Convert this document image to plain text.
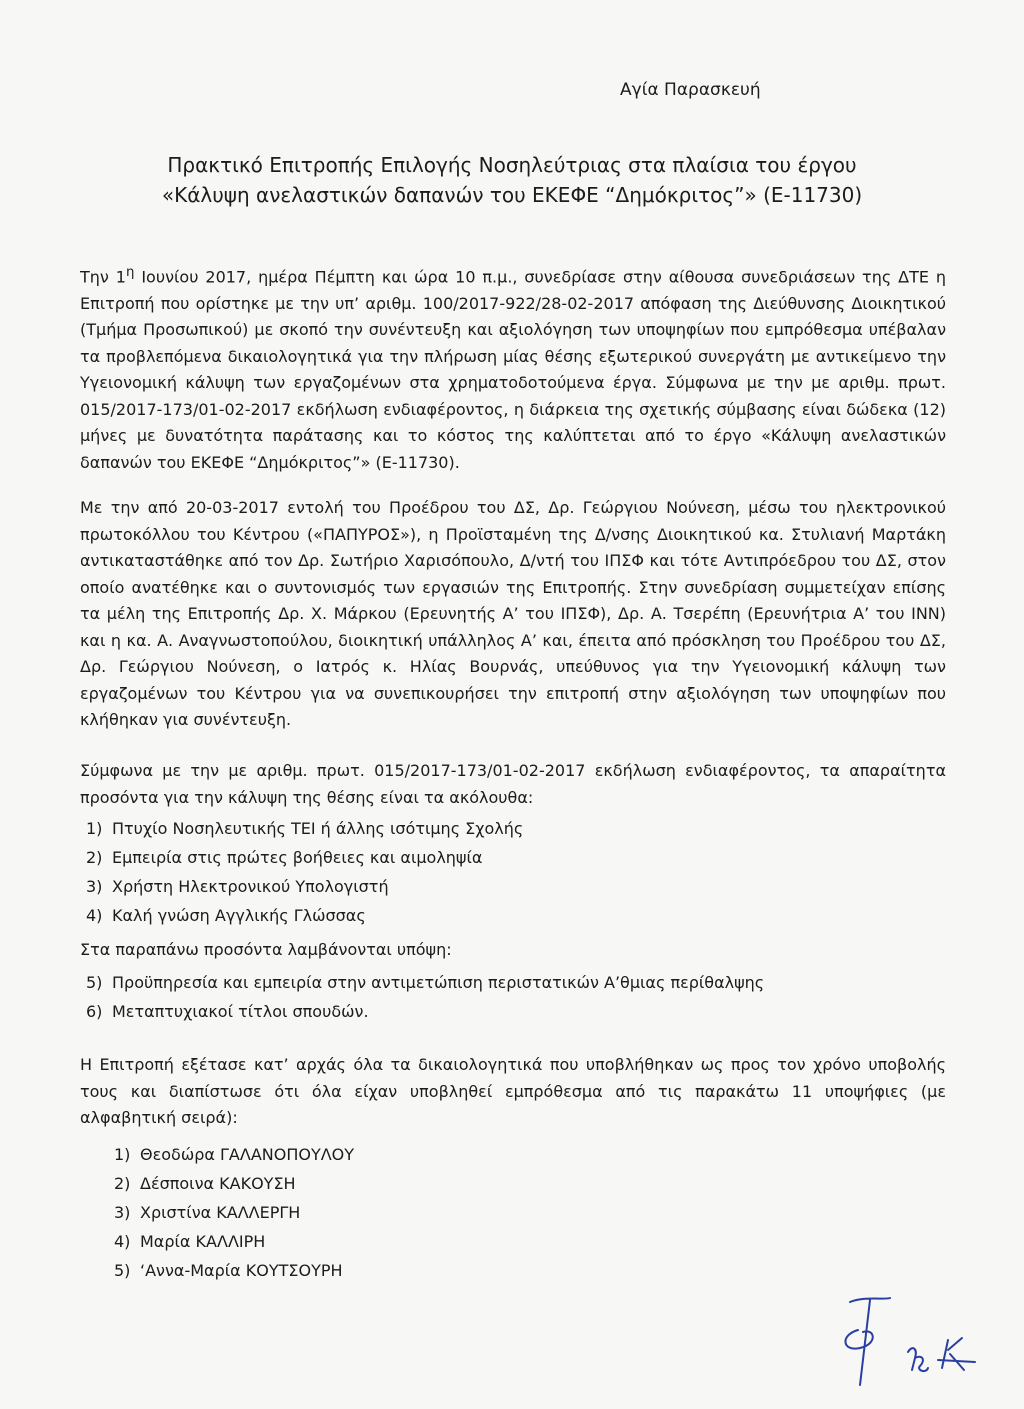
Αγία Παρασκευή
Πρακτικό Επιτροπής Επιλογής Νοσηλεύτριας στα πλαίσια του έργου
«Κάλυψη ανελαστικών δαπανών του ΕΚΕΦΕ “Δημόκριτος”» (Ε-11730)

Την $1^\eta$ Ιουνίου 2017, ημέρα Πέμπτη και ώρα 10 π.μ., συνεδρίασε στην αίθουσα συνεδριάσεων της ΔΤΕ η Επιτροπή που ορίστηκε με την υπ’ αριθμ. 100/2017-922/28-02-2017 απόφαση της Διεύθυνσης Διοικητικού (Τμήμα Προσωπικού) με σκοπό την συνέντευξη και αξιολόγηση των υποψηφίων που εμπρόθεσμα υπέβαλαν τα προβλεπόμενα δικαιολογητικά για την πλήρωση μίας θέσης εξωτερικού συνεργάτη με αντικείμενο την Υγειονομική κάλυψη των εργαζομένων στα χρηματοδοτούμενα έργα. Σύμφωνα με την με αριθμ. πρωτ. 015/2017-173/01-02-2017 εκδήλωση ενδιαφέροντος, η διάρκεια της σχετικής σύμβασης είναι δώδεκα (12) μήνες με δυνατότητα παράτασης και το κόστος της καλύπτεται από το έργο «Κάλυψη ανελαστικών δαπανών του ΕΚΕΦΕ “Δημόκριτος”» (Ε-11730).

Με την από 20-03-2017 εντολή του Προέδρου του ΔΣ, Δρ. Γεώργιου Νούνεση, μέσω του ηλεκτρονικού πρωτοκόλλου του Κέντρου («ΠΑΠΥΡΟΣ»), η Προϊσταμένη της Δ/νσης Διοικητικού κα. Στυλιανή Μαρτάκη αντικαταστάθηκε από τον Δρ. Σωτήριο Χαρισόπουλο, Δ/ντή του ΙΠΣΦ και τότε Αντιπρόεδρου του ΔΣ, στον οποίο ανατέθηκε και ο συντονισμός των εργασιών της Επιτροπής. Στην συνεδρίαση συμμετείχαν επίσης τα μέλη της Επιτροπής Δρ. Χ. Μάρκου (Ερευνητής Α’ του ΙΠΣΦ), Δρ. Α. Τσερέπη (Ερευνήτρια Α’ του ΙΝΝ) και η κα. Α. Αναγνωστοπούλου, διοικητική υπάλληλος Α’ και, έπειτα από πρόσκληση του Προέδρου του ΔΣ, Δρ. Γεώργιου Νούνεση, ο Ιατρός κ. Ηλίας Βουρνάς, υπεύθυνος για την Υγειονομική κάλυψη των εργαζομένων του Κέντρου για να συνεπικουρήσει την επιτροπή στην αξιολόγηση των υποψηφίων που κλήθηκαν για συνέντευξη.

Σύμφωνα με την με αριθμ. πρωτ. 015/2017-173/01-02-2017 εκδήλωση ενδιαφέροντος, τα απαραίτητα προσόντα για την κάλυψη της θέσης είναι τα ακόλουθα:

1) Πτυχίο Νοσηλευτικής ΤΕΙ ή άλλης ισότιμης Σχολής
2) Εμπειρία στις πρώτες βοήθειες και αιμοληψία
3) Χρήστη Ηλεκτρονικού Υπολογιστή
4) Καλή γνώση Αγγλικής Γλώσσας
Στα παραπάνω προσόντα λαμβάνονται υπόψη:
5) Προϋπηρεσία και εμπειρία στην αντιμετώπιση περιστατικών Α’θμιας περίθαλψης
6) Μεταπτυχιακοί τίτλοι σπουδών.

Η Επιτροπή εξέτασε κατ’ αρχάς όλα τα δικαιολογητικά που υποβλήθηκαν ως προς τον χρόνο υποβολής τους και διαπίστωσε ότι όλα είχαν υποβληθεί εμπρόθεσμα από τις παρακάτω 11 υποψήφιες (με αλφαβητική σειρά):

1) Θεοδώρα ΓΑΛΑΝΟΠΟΥΛΟΥ
2) Δέσποινα ΚΑΚΟΥΣΗ
3) Χριστίνα ΚΑΛΛΕΡΓΗ
4) Μαρία ΚΑΛΛΙΡΗ
5) ‘Αννα-Μαρία ΚΟΥΤΣΟΥΡΗ
